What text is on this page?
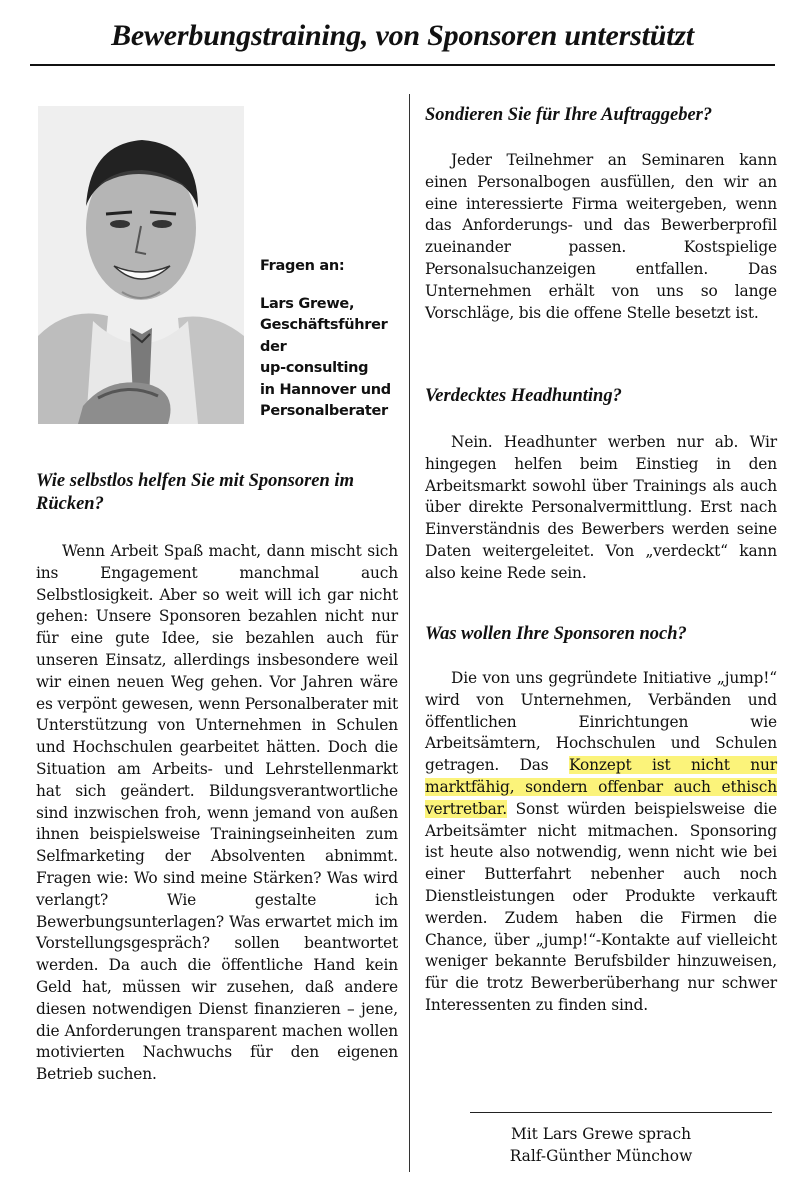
Bewerbungstraining, von Sponsoren unterstützt

Fragen an:

Lars Grewe,

Geschäftsführer

der

up-consulting

in Hannover und

Personalberater

Wie selbstlos helfen Sie mit Sponsoren im Rücken?

Wenn Arbeit Spaß macht, dann mischt sich ins Engagement manchmal auch Selbstlosigkeit. Aber so weit will ich gar nicht gehen: Unsere Sponsoren bezahlen nicht nur für eine gute Idee, sie bezahlen auch für unseren Einsatz, allerdings insbesondere weil wir einen neuen Weg gehen. Vor Jahren wäre es verpönt gewesen, wenn Personalberater mit Unterstützung von Unternehmen in Schulen und Hochschulen gearbeitet hätten. Doch die Situation am Arbeits- und Lehrstellenmarkt hat sich geändert. Bildungsverantwortliche sind inzwischen froh, wenn jemand von außen ihnen beispielsweise Trainingseinheiten zum Selfmarketing der Absolventen abnimmt. Fragen wie: Wo sind meine Stärken? Was wird verlangt? Wie gestalte ich Bewerbungsunterlagen? Was erwartet mich im Vorstellungsgespräch? sollen beantwortet werden. Da auch die öffentliche Hand kein Geld hat, müssen wir zusehen, daß andere diesen notwendigen Dienst finanzieren – jene, die Anforderungen transparent machen wollen motivierten Nachwuchs für den eigenen Betrieb suchen.

Sondieren Sie für Ihre Auftraggeber?

Jeder Teilnehmer an Seminaren kann einen Personalbogen ausfüllen, den wir an eine interessierte Firma weitergeben, wenn das Anforderungs- und das Bewerberprofil zueinander passen. Kostspielige Personalsuchanzeigen entfallen. Das Unternehmen erhält von uns so lange Vorschläge, bis die offene Stelle besetzt ist.

Verdecktes Headhunting?

Nein. Headhunter werben nur ab. Wir hingegen helfen beim Einstieg in den Arbeitsmarkt sowohl über Trainings als auch über direkte Personalvermittlung. Erst nach Einverständnis des Bewerbers werden seine Daten weitergeleitet. Von „verdeckt“ kann also keine Rede sein.

Was wollen Ihre Sponsoren noch?

Die von uns gegründete Initiative „jump!“ wird von Unternehmen, Verbänden und öffentlichen Einrichtungen wie Arbeitsämtern, Hochschulen und Schulen getragen. Das Konzept ist nicht nur marktfähig, sondern offenbar auch ethisch vertretbar. Sonst würden beispielsweise die Arbeitsämter nicht mitmachen. Sponsoring ist heute also notwendig, wenn nicht wie bei einer Butterfahrt nebenher auch noch Dienstleistungen oder Produkte verkauft werden. Zudem haben die Firmen die Chance, über „jump!“-Kontakte auf vielleicht weniger bekannte Berufsbilder hinzuweisen, für die trotz Bewerberüberhang nur schwer Interessenten zu finden sind.

Mit Lars Grewe sprach
Ralf-Günther Münchow
